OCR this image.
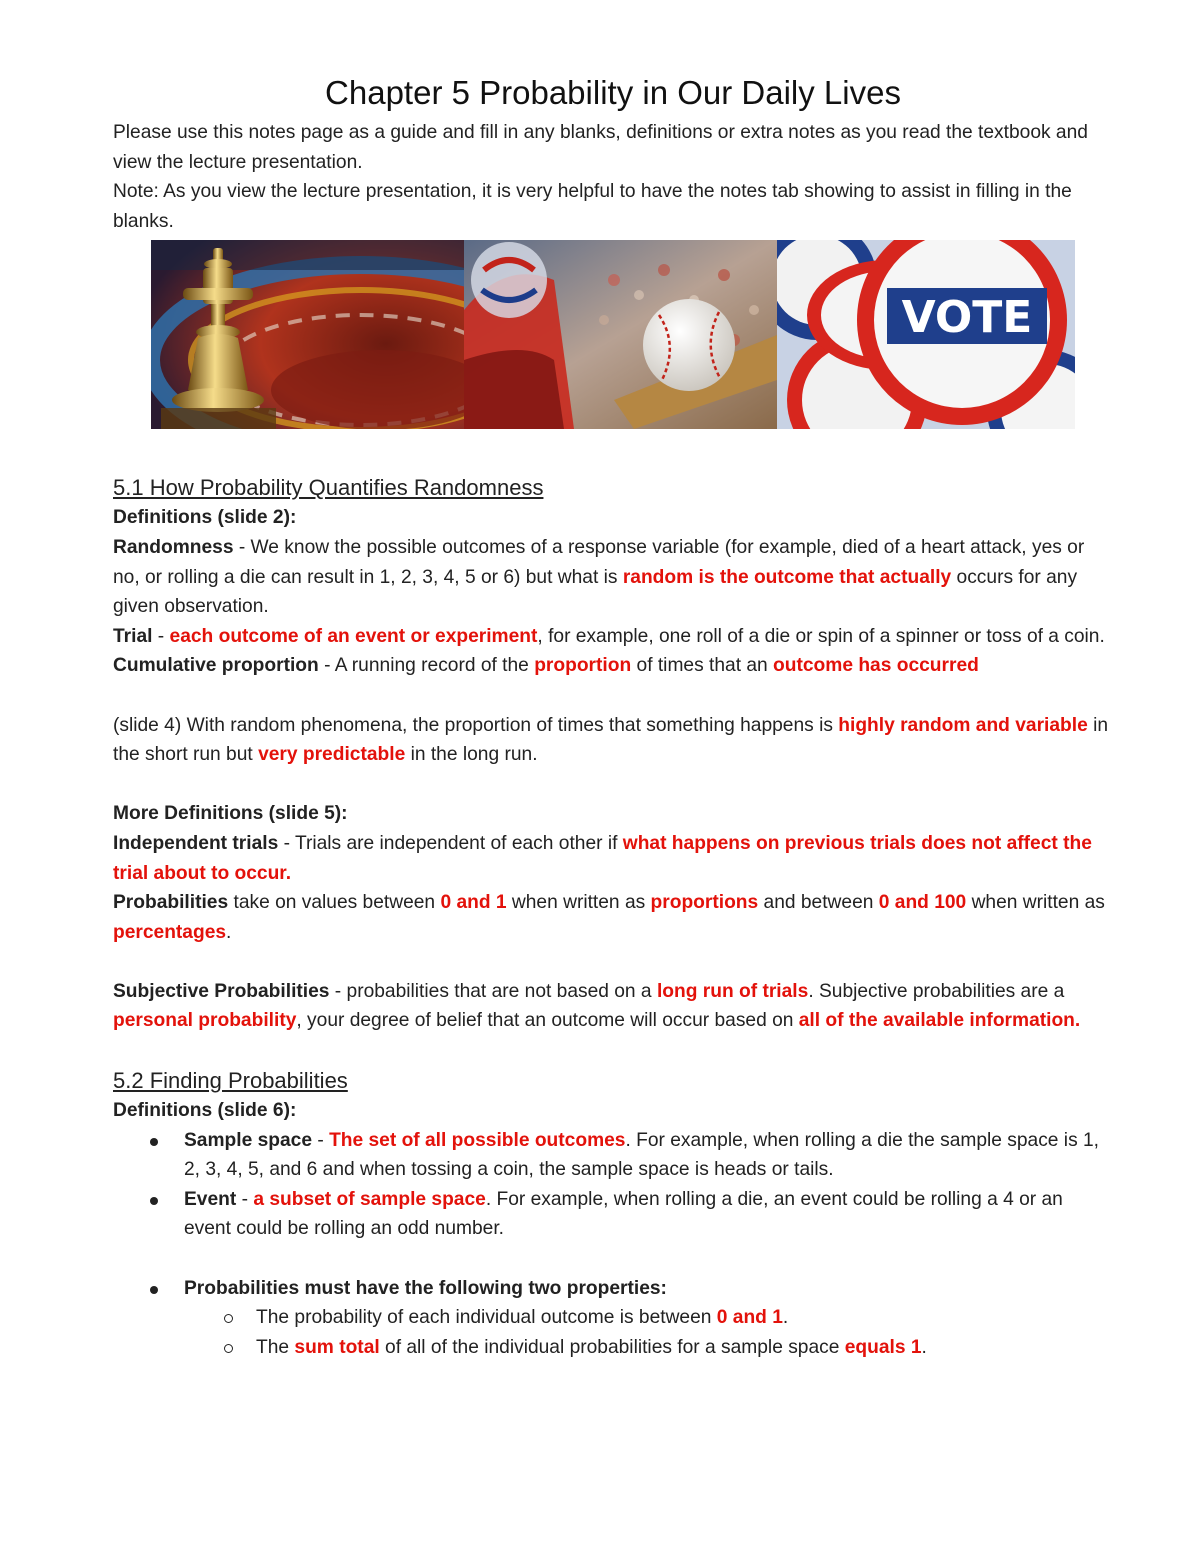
VOTE
Chapter 5 Probability in Our Daily Lives

Please use this notes page as a guide and fill in any blanks, definitions or extra notes as you read the textbook and view the lecture presentation.

Note: As you view the lecture presentation, it is very helpful to have the notes tab showing to assist in filling in the blanks.

5.1 How Probability Quantifies Randomness

Definitions (slide 2):

Randomness - We know the possible outcomes of a response variable (for example, died of a heart attack, yes or no, or rolling a die can result in 1, 2, 3, 4, 5 or 6) but what is random is the outcome that actually occurs for any given observation.

Trial - each outcome of an event or experiment, for example, one roll of a die or spin of a spinner or toss of a coin.

Cumulative proportion - A running record of the proportion of times that an outcome has occurred

(slide 4) With random phenomena, the proportion of times that something happens is highly random and variable in the short run but very predictable in the long run.

More Definitions (slide 5):

Independent trials - Trials are independent of each other if what happens on previous trials does not affect the trial about to occur.

Probabilities take on values between 0 and 1 when written as proportions and between 0 and 100 when written as percentages.

Subjective Probabilities - probabilities that are not based on a long run of trials. Subjective probabilities are a personal probability, your degree of belief that an outcome will occur based on all of the available information.

5.2 Finding Probabilities

Definitions (slide 6):

Sample space - The set of all possible outcomes. For example, when rolling a die the sample space is 1, 2, 3, 4, 5, and 6 and when tossing a coin, the sample space is heads or tails.
Event - a subset of sample space. For example, when rolling a die, an event could be rolling a 4 or an event could be rolling an odd number.
Probabilities must have the following two properties:
The probability of each individual outcome is between 0 and 1.
The sum total of all of the individual probabilities for a sample space equals 1.
